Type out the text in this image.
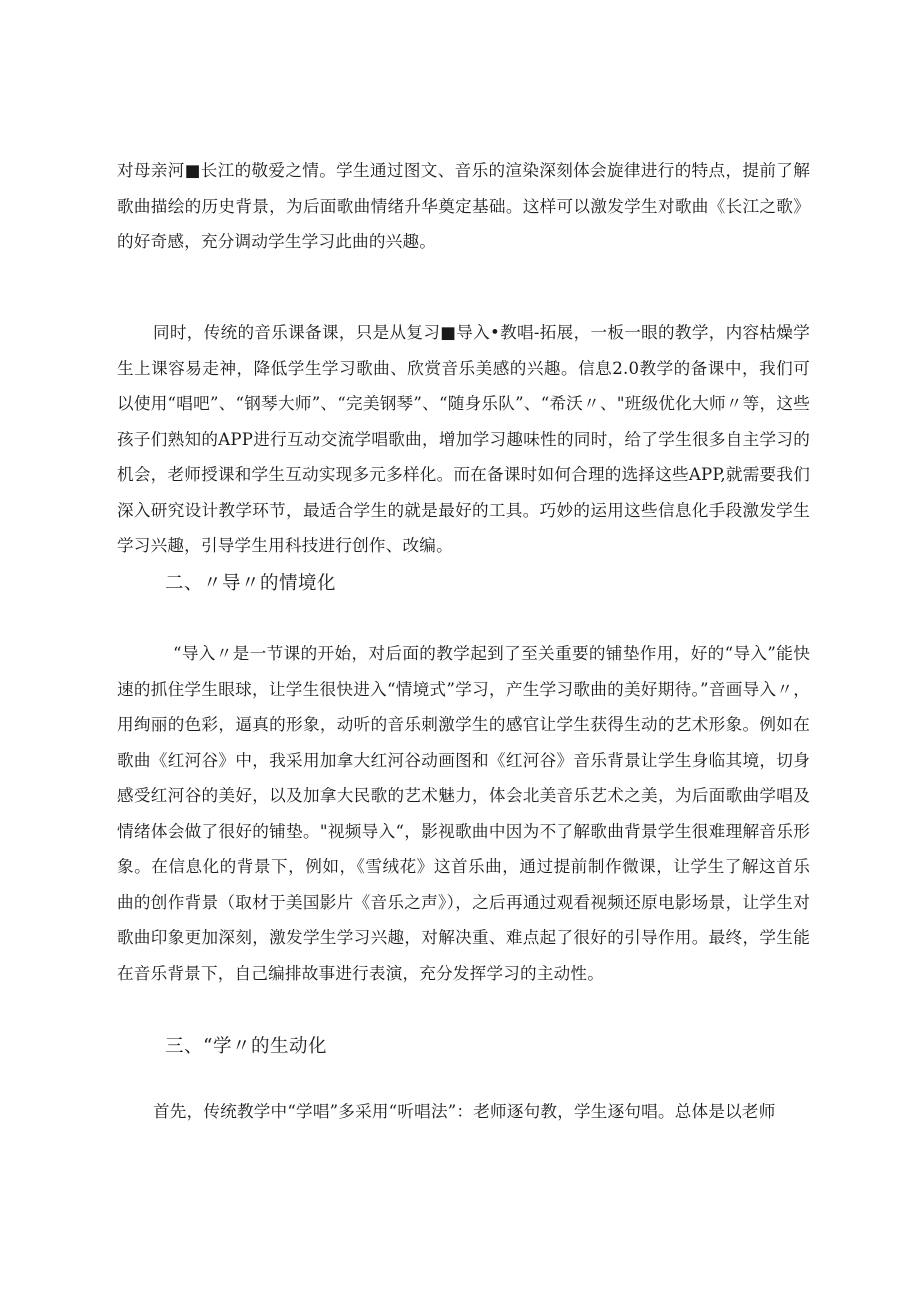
对母亲河■长江的敬爱之情。学生通过图文、音乐的渲染深刻体会旋律进行的特点，提前了解歌曲描绘的历史背景，为后面歌曲情绪升华奠定基础。这样可以激发学生对歌曲《长江之歌》的好奇感，充分调动学生学习此曲的兴趣。

同时，传统的音乐课备课，只是从复习■导入•教唱-拓展，一板一眼的教学，内容枯燥学生上课容易走神，降低学生学习歌曲、欣赏音乐美感的兴趣。信息2.0教学的备课中，我们可以使用“唱吧”、“钢琴大师”、“完美钢琴”、“随身乐队”、“希沃〃、"班级优化大师〃等，这些孩子们熟知的APP进行互动交流学唱歌曲，增加学习趣味性的同时，给了学生很多自主学习的机会，老师授课和学生互动实现多元多样化。而在备课时如何合理的选择这些APP,就需要我们深入研究设计教学环节，最适合学生的就是最好的工具。巧妙的运用这些信息化手段激发学生学习兴趣，引导学生用科技进行创作、改编。

二、〃导〃的情境化

“导入〃是一节课的开始，对后面的教学起到了至关重要的铺垫作用，好的“导入”能快速的抓住学生眼球，让学生很快进入“情境式”学习，产生学习歌曲的美好期待。”音画导入〃，用绚丽的色彩，逼真的形象，动听的音乐刺激学生的感官让学生获得生动的艺术形象。例如在歌曲《红河谷》中，我采用加拿大红河谷动画图和《红河谷》音乐背景让学生身临其境，切身感受红河谷的美好，以及加拿大民歌的艺术魅力，体会北美音乐艺术之美，为后面歌曲学唱及情绪体会做了很好的铺垫。"视频导入“，影视歌曲中因为不了解歌曲背景学生很难理解音乐形象。在信息化的背景下，例如，《雪绒花》这首乐曲，通过提前制作微课，让学生了解这首乐曲的创作背景（取材于美国影片《音乐之声》），之后再通过观看视频还原电影场景，让学生对歌曲印象更加深刻，激发学生学习兴趣，对解决重、难点起了很好的引导作用。最终，学生能在音乐背景下，自己编排故事进行表演，充分发挥学习的主动性。

三、“学〃的生动化

首先，传统教学中“学唱”多采用“听唱法”：老师逐句教，学生逐句唱。总体是以老师
